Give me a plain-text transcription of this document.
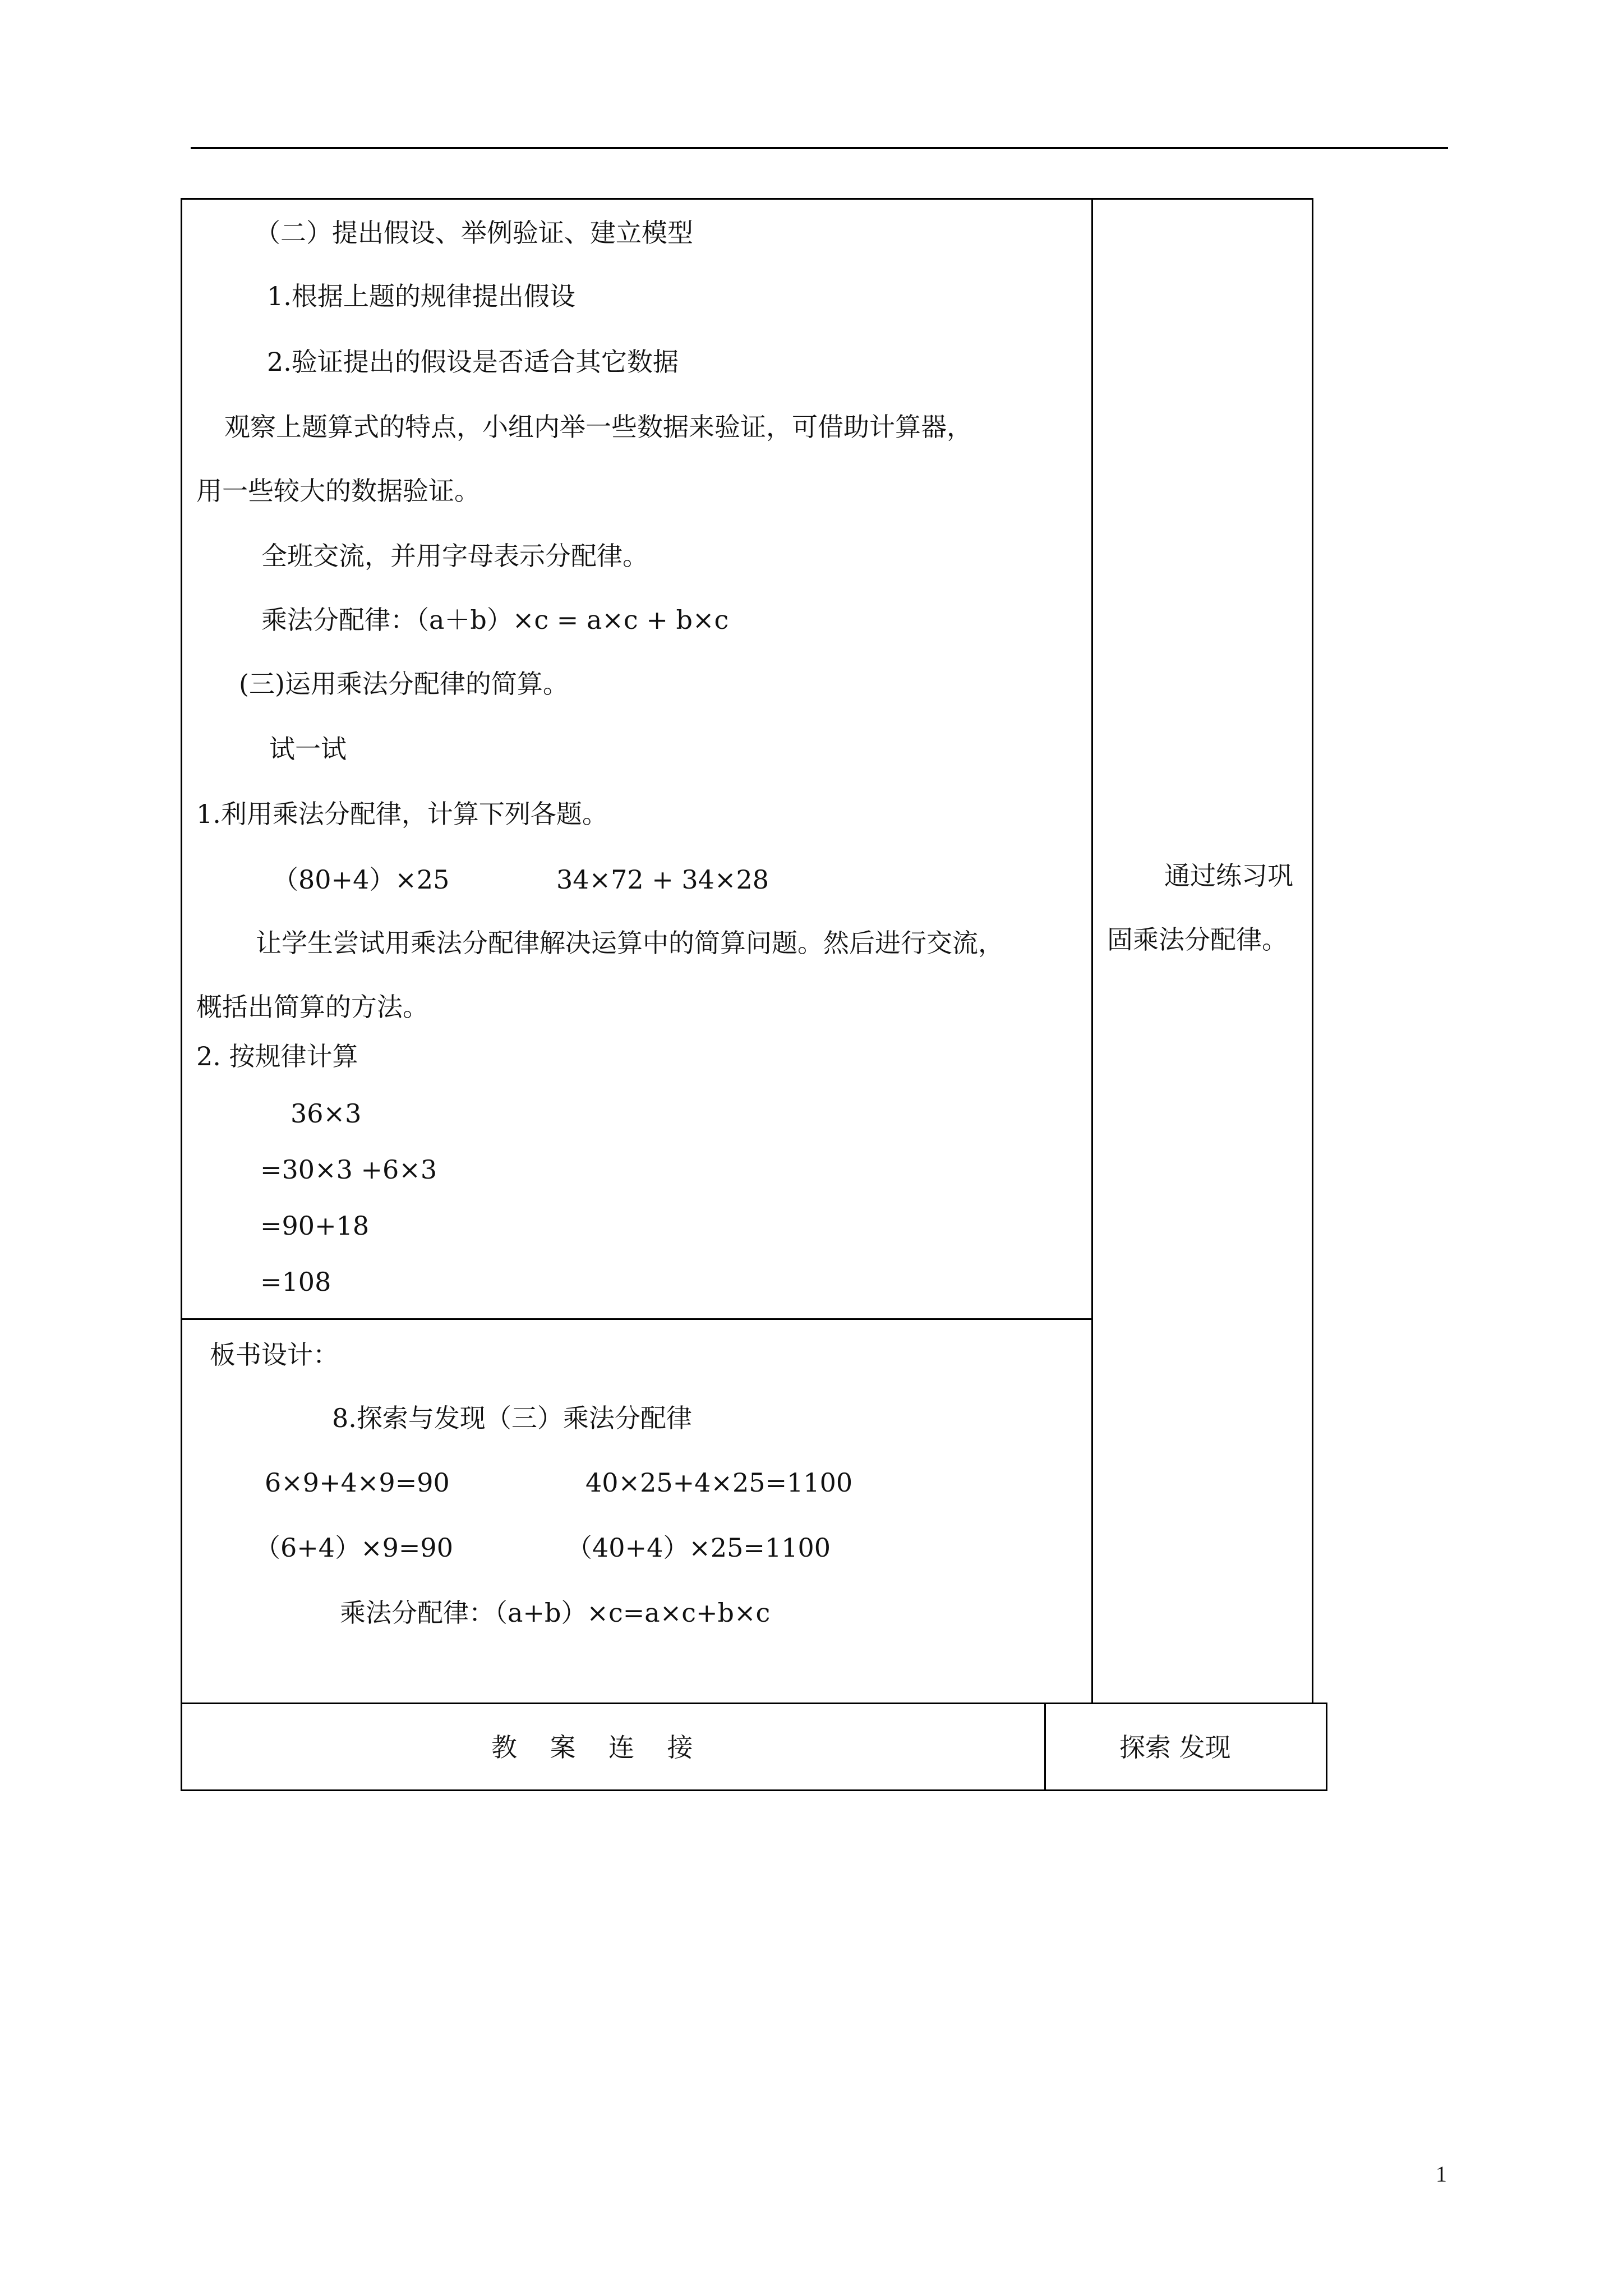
（二）提出假设、举例验证、建立模型
1.根据上题的规律提出假设
2.验证提出的假设是否适合其它数据
观察上题算式的特点，小组内举一些数据来验证，可借助计算器，
用一些较大的数据验证。
全班交流，并用字母表示分配律。
乘法分配律：（a＋b）×c = a×c + b×c
(三)运用乘法分配律的简算。
试一试
1.利用乘法分配律，计算下列各题。
（80+4）×25	34×72 + 34×28
让学生尝试用乘法分配律解决运算中的简算问题。然后进行交流，
概括出简算的方法。
2. 按规律计算
36×3
=30×3 +6×3
=90+18
=108
通过练习巩
固乘法分配律。
板书设计：
8.探索与发现（三）乘法分配律
6×9+4×9=90	40×25+4×25=1100
（6+4）×9=90	（40+4）×25=1100
乘法分配律：（a+b）×c=a×c+b×c
教    案    连    接	探索 发现
1
